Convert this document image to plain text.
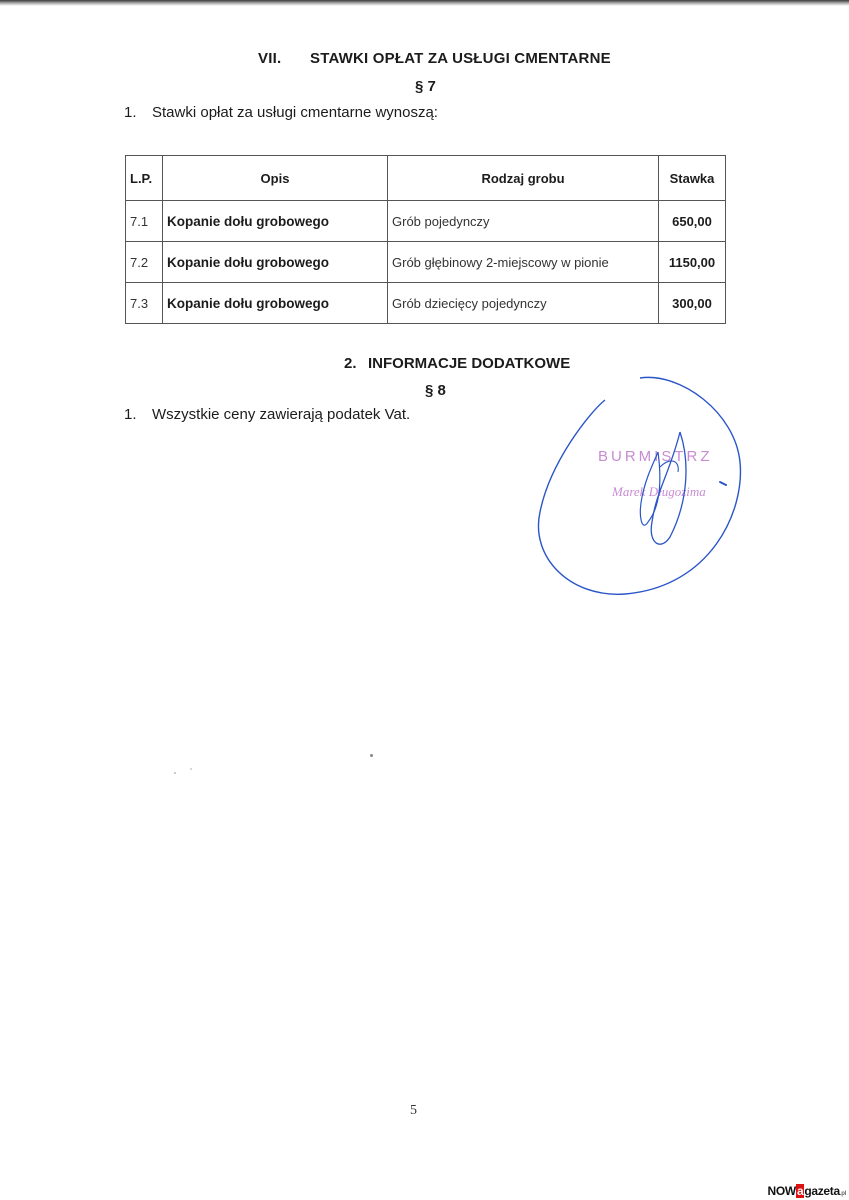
VII. STAWKI OPŁAT ZA USŁUGI CMENTARNE
§ 7
1. Stawki opłat za usługi cmentarne wynoszą:
L.P.	Opis	Rodzaj grobu	Stawka
7.1	Kopanie dołu grobowego	Grób pojedynczy	650,00
7.2	Kopanie dołu grobowego	Grób głębinowy 2-miejscowy w pionie	1150,00
7.3	Kopanie dołu grobowego	Grób dziecięcy pojedynczy	300,00
2. INFORMACJE DODATKOWE
§ 8
1. Wszystkie ceny zawierają podatek Vat.
BURMISTRZ
Marek Długozima
5
NOWagazeta.pl
